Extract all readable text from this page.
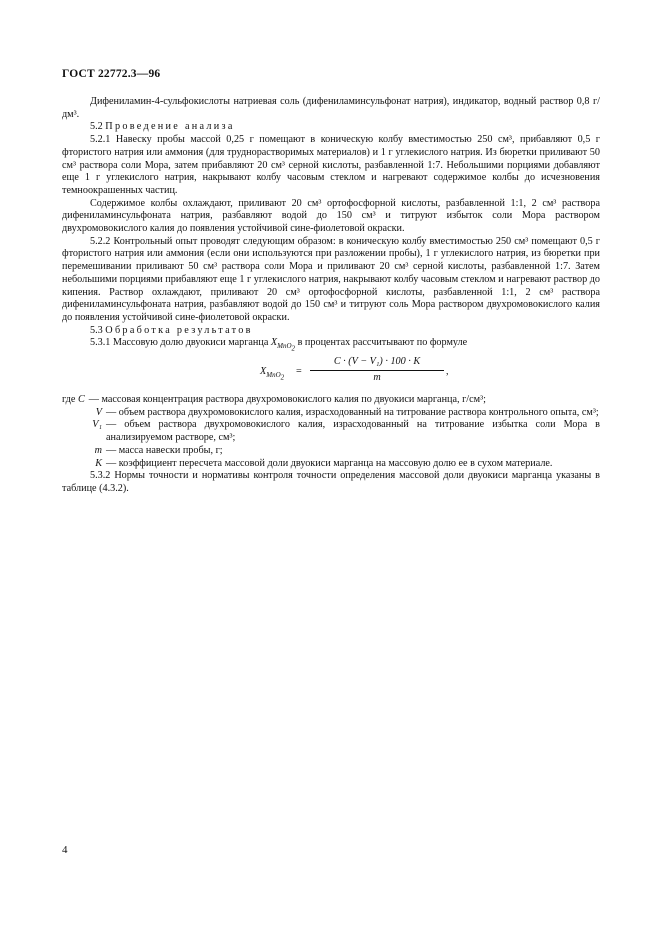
ГОСТ 22772.3—96

Дифениламин-4-сульфокислоты натриевая соль (дифениламинсульфонат натрия), индикатор, водный раствор 0,8 г/дм³.

5.2 Проведение анализа

5.2.1 Навеску пробы массой 0,25 г помещают в коническую колбу вместимостью 250 см³, прибавляют 0,5 г фтористого натрия или аммония (для труднорастворимых материалов) и 1 г углекислого натрия. Из бюретки приливают 50 см³ раствора соли Мора, затем прибавляют 20 см³ серной кислоты, разбавленной 1:7. Небольшими порциями добавляют еще 1 г углекислого натрия, накрывают колбу часовым стеклом и нагревают содержимое колбы до исчезновения темноокрашенных частиц.

Содержимое колбы охлаждают, приливают 20 см³ ортофосфорной кислоты, разбавленной 1:1, 2 см³ раствора дифениламинсульфоната натрия, разбавляют водой до 150 см³ и титруют избыток соли Мора раствором двухромовокислого калия до появления устойчивой сине-фиолетовой окраски.

5.2.2 Контрольный опыт проводят следующим образом: в коническую колбу вместимостью 250 см³ помещают 0,5 г фтористого натрия или аммония (если они используются при разложении пробы), 1 г углекислого натрия, из бюретки при перемешивании приливают 50 см³ раствора соли Мора и приливают 20 см³ серной кислоты, разбавленной 1:7. Затем небольшими порциями прибавляют еще 1 г углекислого натрия, накрывают колбу часовым стеклом и нагревают раствор до кипения. Раствор охлаждают, приливают 20 см³ ортофосфорной кислоты, разбавленной 1:1, 2 см³ раствора дифениламинсульфоната натрия, разбавляют водой до 150 см³ и титруют соль Мора раствором двухромовокислого калия до появления устойчивой сине-фиолетовой окраски.

5.3 Обработка результатов

5.3.1 Массовую долю двуокиси марганца $X_{MnO_2}$ в процентах рассчитывают по формуле

$X_{MnO_2}$
= $\frac{\text{C · (V − V₁) · 100 · K}}{m}$ ,
где C — массовая концентрация раствора двухромовокислого калия по двуокиси марганца, г/см³;
V — объем раствора двухромовокислого калия, израсходованный на титрование раствора контрольного опыта, см³;
V₁ — объем раствора двухромовокислого калия, израсходованный на титрование избытка соли Мора в анализируемом растворе, см³;
m — масса навески пробы, г;
K — коэффициент пересчета массовой доли двуокиси марганца на массовую долю ее в сухом материале.

5.3.2 Нормы точности и нормативы контроля точности определения массовой доли двуокиси марганца указаны в таблице (4.3.2).

4
